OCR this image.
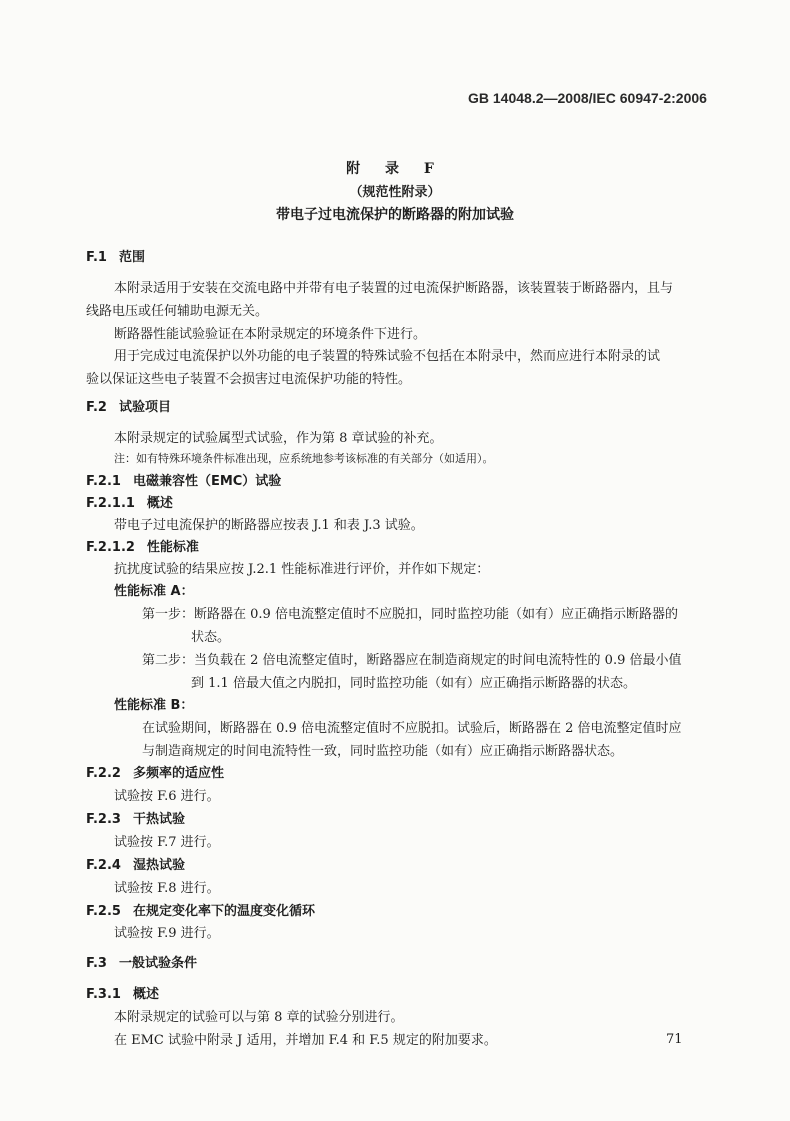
GB 14048.2—2008/IEC 60947-2:2006
附 录 F
（规范性附录）
带电子过电流保护的断路器的附加试验
F.1 范围
本附录适用于安装在交流电路中并带有电子装置的过电流保护断路器，该装置装于断路器内，且与
线路电压或任何辅助电源无关。
断路器性能试验验证在本附录规定的环境条件下进行。
用于完成过电流保护以外功能的电子装置的特殊试验不包括在本附录中，然而应进行本附录的试
验以保证这些电子装置不会损害过电流保护功能的特性。
F.2 试验项目
本附录规定的试验属型式试验，作为第 8 章试验的补充。
注：如有特殊环境条件标准出现，应系统地参考该标准的有关部分（如适用）。
F.2.1 电磁兼容性（EMC）试验
F.2.1.1 概述
带电子过电流保护的断路器应按表 J.1 和表 J.3 试验。
F.2.1.2 性能标准
抗扰度试验的结果应按 J.2.1 性能标准进行评价，并作如下规定：
性能标准 A：
第一步：断路器在 0.9 倍电流整定值时不应脱扣，同时监控功能（如有）应正确指示断路器的
状态。
第二步：当负载在 2 倍电流整定值时，断路器应在制造商规定的时间电流特性的 0.9 倍最小值
到 1.1 倍最大值之内脱扣，同时监控功能（如有）应正确指示断路器的状态。
性能标准 B：
在试验期间，断路器在 0.9 倍电流整定值时不应脱扣。试验后，断路器在 2 倍电流整定值时应
与制造商规定的时间电流特性一致，同时监控功能（如有）应正确指示断路器状态。
F.2.2 多频率的适应性
试验按 F.6 进行。
F.2.3 干热试验
试验按 F.7 进行。
F.2.4 湿热试验
试验按 F.8 进行。
F.2.5 在规定变化率下的温度变化循环
试验按 F.9 进行。
F.3 一般试验条件
F.3.1 概述
本附录规定的试验可以与第 8 章的试验分别进行。
在 EMC 试验中附录 J 适用，并增加 F.4 和 F.5 规定的附加要求。	71
